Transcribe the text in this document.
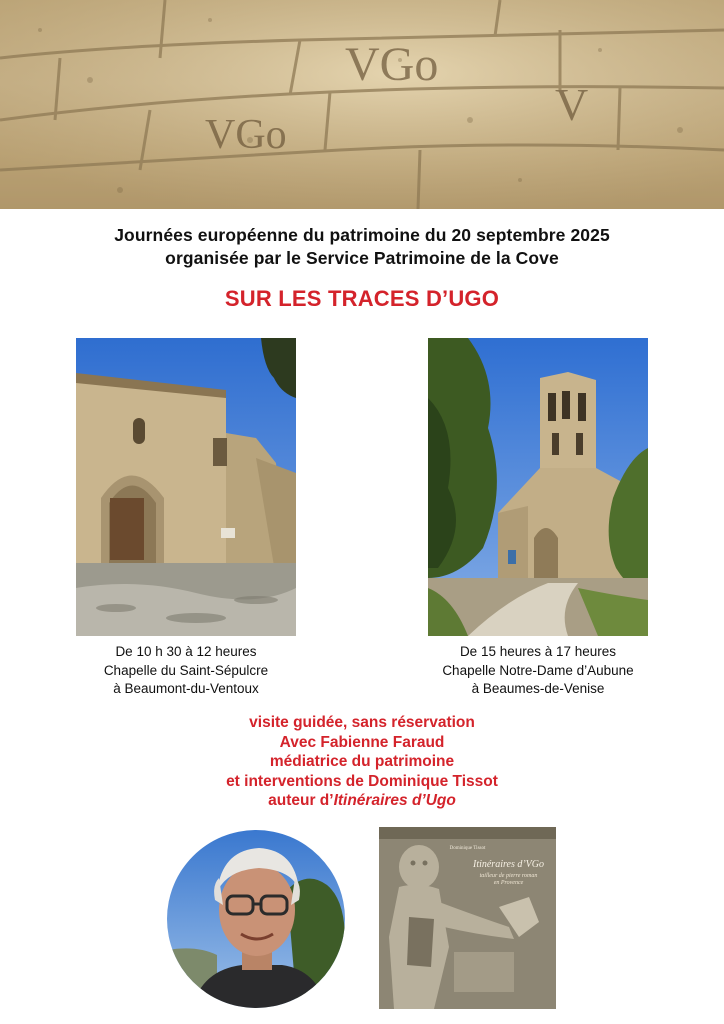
VGo
VGo
V
Journées européenne du patrimoine du 20 septembre 2025
organisée par le Service Patrimoine de la Cove
SUR LES TRACES D’UGO
De 10 h 30 à 12 heures
Chapelle du Saint-Sépulcre
à Beaumont-du-Ventoux
De 15 heures à 17 heures
Chapelle Notre-Dame d’Aubune
à Beaumes-de-Venise
visite guidée, sans réservation
Avec Fabienne Faraud
médiatrice du patrimoine
et interventions de Dominique Tissot
auteur d’Itinéraires d’Ugo
Dominique Tissot
Itinéraires d’VGo
tailleur de pierre roman
en Provence
